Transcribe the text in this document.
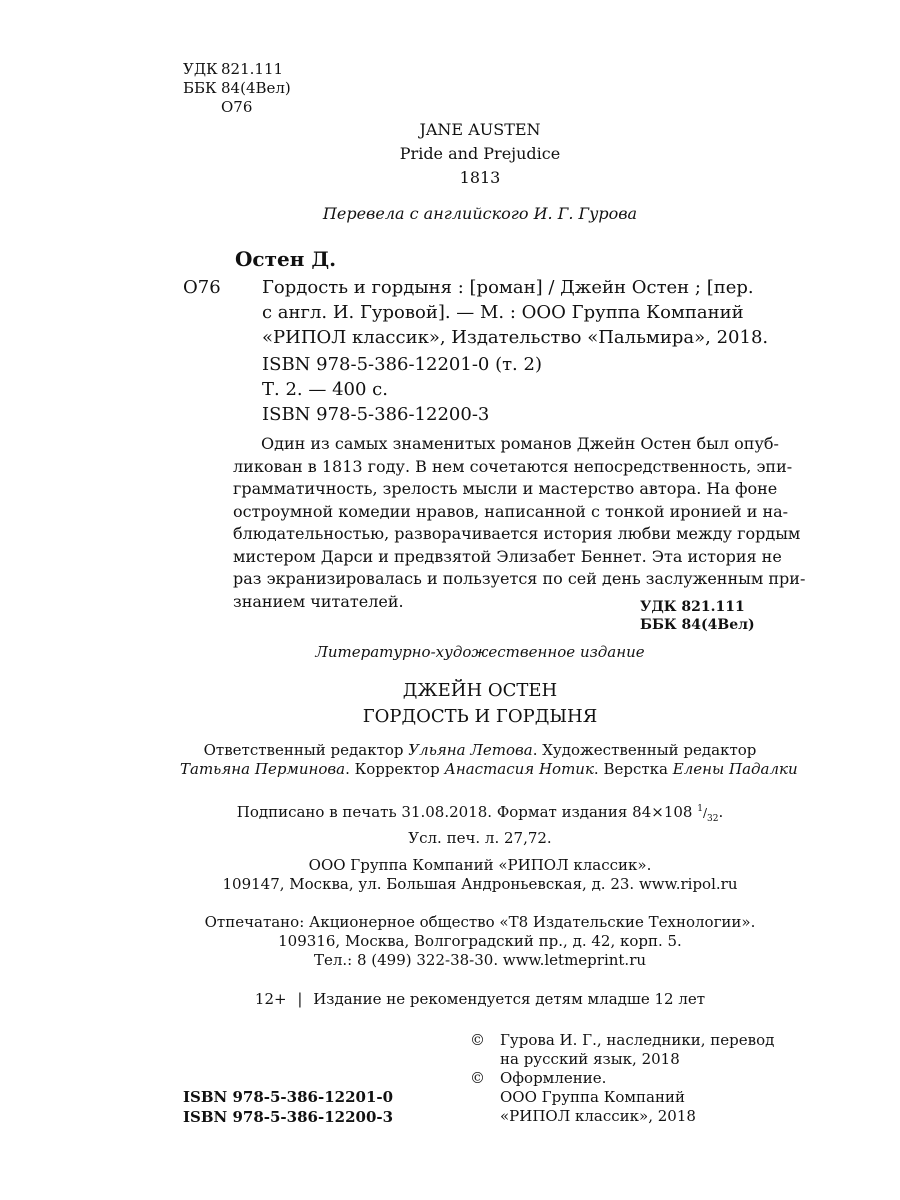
УДК 821.111
ББК 84(4Вел)
О76
JANE AUSTEN
Pride and Prejudice
1813
Перевела с английского И. Г. Гурова
Остен Д.
О76 Гордость и гордыня : [роман] / Джейн Остен ; [пер.
с англ. И. Гуровой]. — М. : ООО Группа Компаний
«РИПОЛ классик», Издательство «Пальмира», 2018.
ISBN 978-5-386-12201-0 (т. 2)
Т. 2. — 400 с.
ISBN 978-5-386-12200-3
Один из самых знаменитых романов Джейн Остен был опуб-
ликован в 1813 году. В нем сочетаются непосредственность, эпи-
грамматичность, зрелость мысли и мастерство автора. На фоне
остроумной комедии нравов, написанной с тонкой иронией и на-
блюдательностью, разворачивается история любви между гордым
мистером Дарси и предвзятой Элизабет Беннет. Эта история не
раз экранизировалась и пользуется по сей день заслуженным при-
знанием читателей.	УДК 821.111
ББК 84(4Вел)
Литературно-художественное издание
ДЖЕЙН ОСТЕН
ГОРДОСТЬ И ГОРДЫНЯ
Ответственный редактор Ульяна Летова. Художественный редактор
Татьяна Перминова. Корректор Анастасия Нотик. Верстка Елены Падалки
Подписано в печать 31.08.2018. Формат издания 84×108 $^1/_{32}$.
Усл. печ. л. 27,72.
ООО Группа Компаний «РИПОЛ классик».
109147, Москва, ул. Большая Андроньевская, д. 23. www.ripol.ru
Отпечатано: Акционерное общество «Т8 Издательские Технологии».
109316, Москва, Волгоградский пр., д. 42, корп. 5.
Тел.: 8 (499) 322-38-30. www.letmeprint.ru
12+ | Издание не рекомендуется детям младше 12 лет
©	Гурова И. Г., наследники, перевод
на русский язык, 2018
©	Оформление.
ООО Группа Компаний
«РИПОЛ классик», 2018
ISBN 978-5-386-12201-0
ISBN 978-5-386-12200-3
